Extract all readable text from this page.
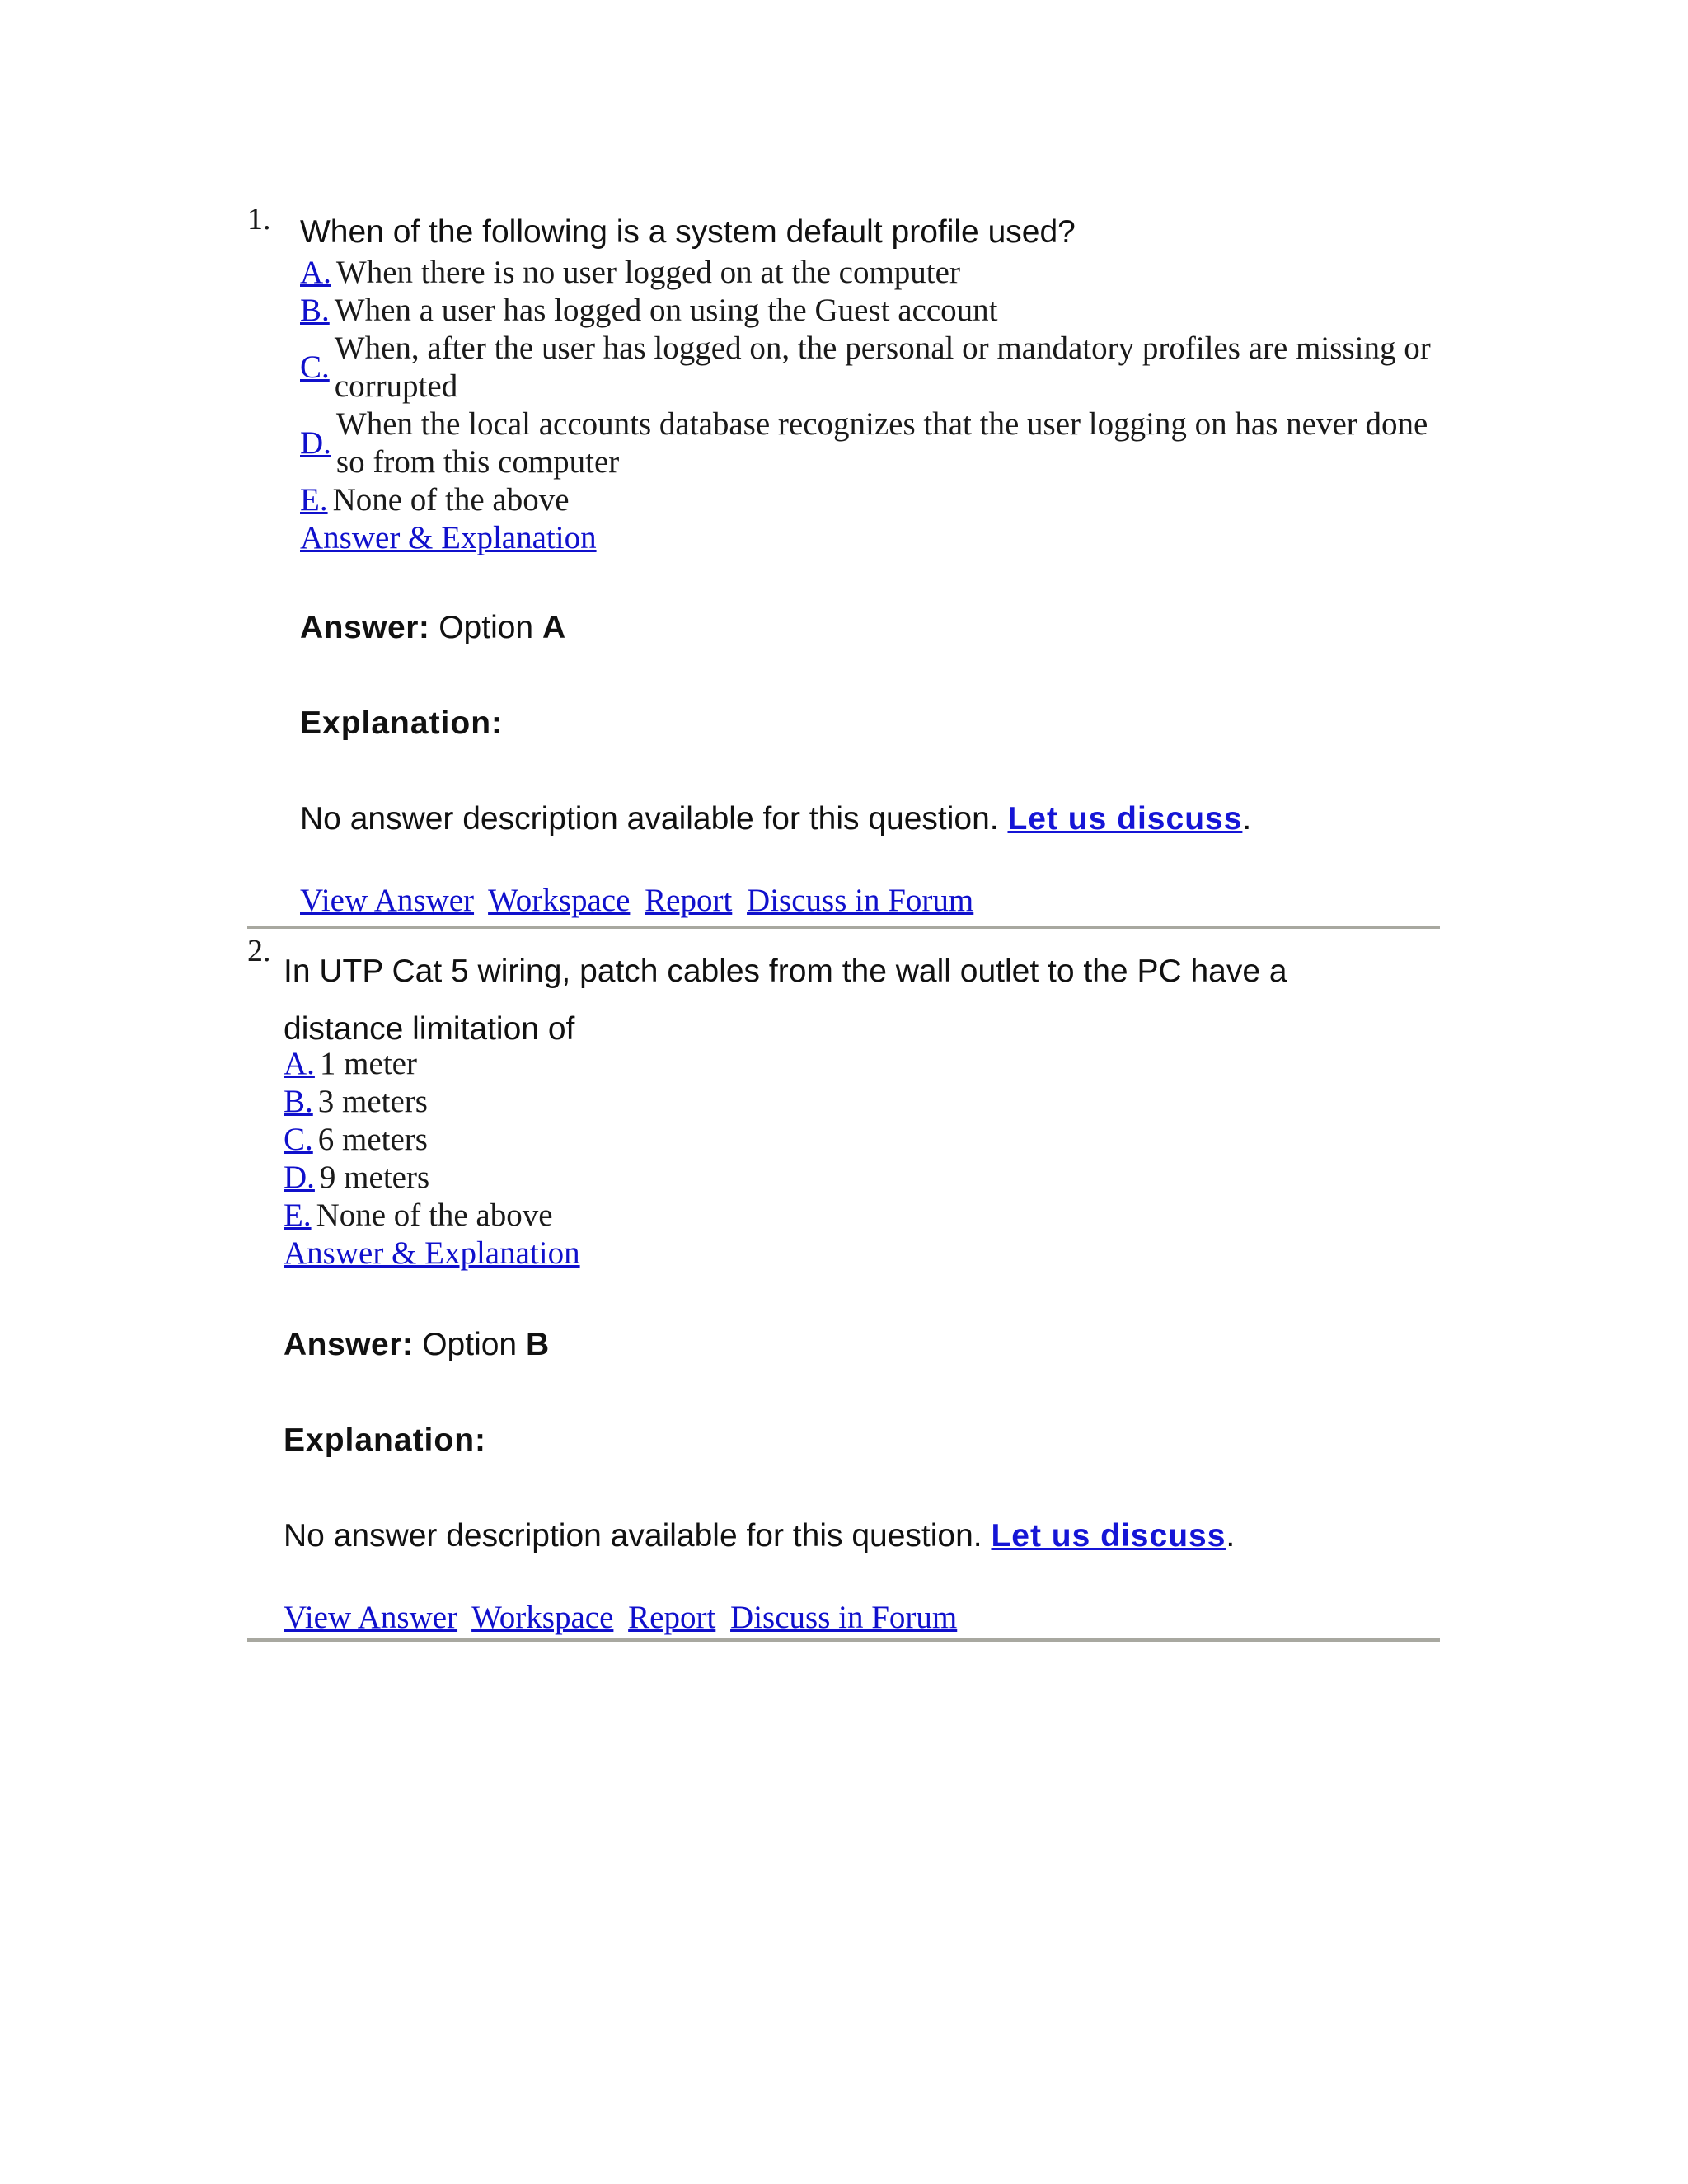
1. When of the following is a system default profile used?

A. When there is no user logged on at the computer
B. When a user has logged on using the Guest account
C.
When, after the user has logged on, the personal or mandatory profiles are missing or corrupted
D.
When the local accounts database recognizes that the user logging on has never done so from this computer
E. None of the above
Answer & Explanation
Answer: Option A
Explanation:
No answer description available for this question. Let us discuss.
View Answer Workspace Report Discuss in Forum
2.

In UTP Cat 5 wiring, patch cables from the wall outlet to the PC have a distance limitation of

A. 1 meter
B. 3 meters
C. 6 meters
D. 9 meters
E. None of the above
Answer & Explanation
Answer: Option B
Explanation:
No answer description available for this question. Let us discuss.
View Answer Workspace Report Discuss in Forum
